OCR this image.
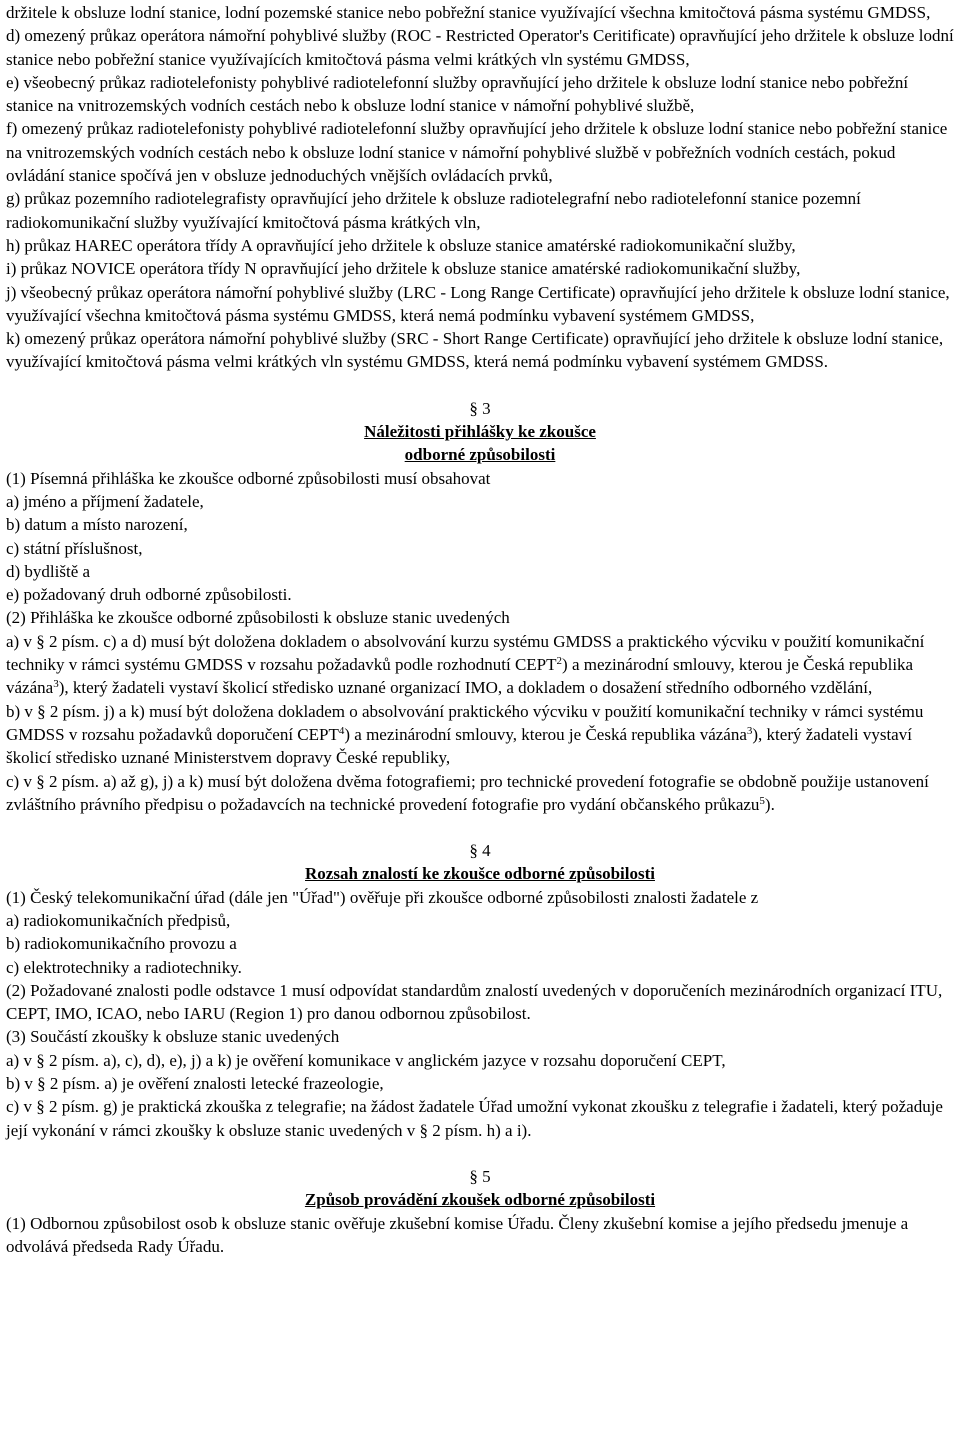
držitele k obsluze lodní stanice, lodní pozemské stanice nebo pobřežní stanice využívající všechna kmitočtová pásma systému GMDSS,

d) omezený průkaz operátora námořní pohyblivé služby (ROC - Restricted Operator's Ceritificate) opravňující jeho držitele k obsluze lodní stanice nebo pobřežní stanice využívajících kmitočtová pásma velmi krátkých vln systému GMDSS,

e) všeobecný průkaz radiotelefonisty pohyblivé radiotelefonní služby opravňující jeho držitele k obsluze lodní stanice nebo pobřežní stanice na vnitrozemských vodních cestách nebo k obsluze lodní stanice v námořní pohyblivé službě,

f) omezený průkaz radiotelefonisty pohyblivé radiotelefonní služby opravňující jeho držitele k obsluze lodní stanice nebo pobřežní stanice na vnitrozemských vodních cestách nebo k obsluze lodní stanice v námořní pohyblivé službě v pobřežních vodních cestách, pokud ovládání stanice spočívá jen v obsluze jednoduchých vnějších ovládacích prvků,

g) průkaz pozemního radiotelegrafisty opravňující jeho držitele k obsluze radiotelegrafní nebo radiotelefonní stanice pozemní radiokomunikační služby využívající kmitočtová pásma krátkých vln,

h) průkaz HAREC operátora třídy A opravňující jeho držitele k obsluze stanice amatérské radiokomunikační služby,

i) průkaz NOVICE operátora třídy N opravňující jeho držitele k obsluze stanice amatérské radiokomunikační služby,

j) všeobecný průkaz operátora námořní pohyblivé služby (LRC - Long Range Certificate) opravňující jeho držitele k obsluze lodní stanice, využívající všechna kmitočtová pásma systému GMDSS, která nemá podmínku vybavení systémem GMDSS,

k) omezený průkaz operátora námořní pohyblivé služby (SRC - Short Range Certificate) opravňující jeho držitele k obsluze lodní stanice, využívající kmitočtová pásma velmi krátkých vln systému GMDSS, která nemá podmínku vybavení systémem GMDSS.

§ 3

Náležitosti přihlášky ke zkoušce

odborné způsobilosti

(1) Písemná přihláška ke zkoušce odborné způsobilosti musí obsahovat

a) jméno a příjmení žadatele,

b) datum a místo narození,

c) státní příslušnost,

d) bydliště a

e) požadovaný druh odborné způsobilosti.

(2) Přihláška ke zkoušce odborné způsobilosti k obsluze stanic uvedených

a) v § 2 písm. c) a d) musí být doložena dokladem o absolvování kurzu systému GMDSS a praktického výcviku v použití komunikační techniky v rámci systému GMDSS v rozsahu požadavků podle rozhodnutí CEPT$^2$) a mezinárodní smlouvy, kterou je Česká republika vázána$^3$), který žadateli vystaví školicí středisko uznané organizací IMO, a dokladem o dosažení středního odborného vzdělání,

b) v § 2 písm. j) a k) musí být doložena dokladem o absolvování praktického výcviku v použití komunikační techniky v rámci systému GMDSS v rozsahu požadavků doporučení CEPT$^4$) a mezinárodní smlouvy, kterou je Česká republika vázána$^3$), který žadateli vystaví školicí středisko uznané Ministerstvem dopravy České republiky,

c) v § 2 písm. a) až g), j) a k) musí být doložena dvěma fotografiemi; pro technické provedení fotografie se obdobně použije ustanovení zvláštního právního předpisu o požadavcích na technické provedení fotografie pro vydání občanského průkazu$^5$).

§ 4

Rozsah znalostí ke zkoušce odborné způsobilosti

(1) Český telekomunikační úřad (dále jen "Úřad") ověřuje při zkoušce odborné způsobilosti znalosti žadatele z

a) radiokomunikačních předpisů,

b) radiokomunikačního provozu a

c) elektrotechniky a radiotechniky.

(2) Požadované znalosti podle odstavce 1 musí odpovídat standardům znalostí uvedených v doporučeních mezinárodních organizací ITU, CEPT, IMO, ICAO, nebo IARU (Region 1) pro danou odbornou způsobilost.

(3) Součástí zkoušky k obsluze stanic uvedených

a) v § 2 písm. a), c), d), e), j) a k) je ověření komunikace v anglickém jazyce v rozsahu doporučení CEPT,

b) v § 2 písm. a) je ověření znalosti letecké frazeologie,

c) v § 2 písm. g) je praktická zkouška z telegrafie; na žádost žadatele Úřad umožní vykonat zkoušku z telegrafie i žadateli, který požaduje její vykonání v rámci zkoušky k obsluze stanic uvedených v § 2 písm. h) a i).

§ 5

Způsob provádění zkoušek odborné způsobilosti

(1) Odbornou způsobilost osob k obsluze stanic ověřuje zkušební komise Úřadu. Členy zkušební komise a jejího předsedu jmenuje a odvolává předseda Rady Úřadu.
